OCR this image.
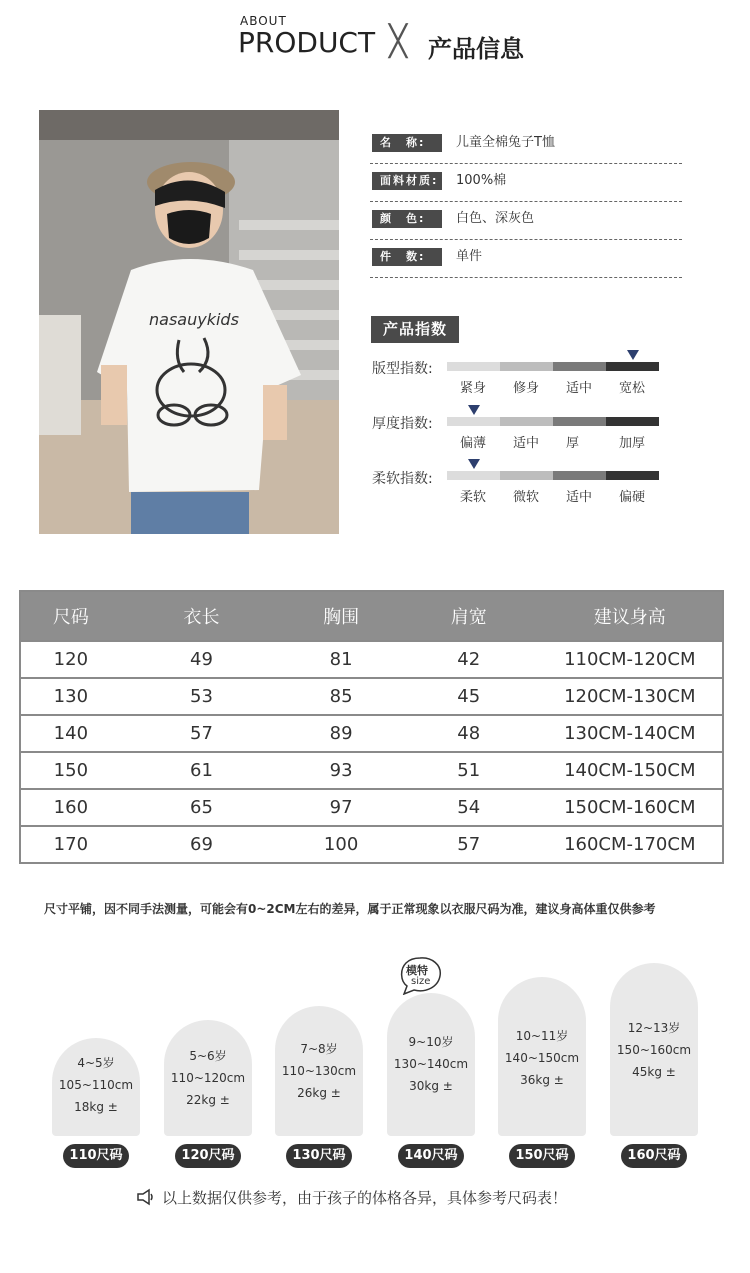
ABOUT
PRODUCT ╳ 产品信息
nasauykids
名　称:	儿童全棉兔子T恤
面料材质: 100%棉
颜　色:	白色、深灰色
件　数:	单件
产品指数
版型指数:
紧身	修身	适中	宽松
厚度指数:
偏薄	适中	厚	加厚
柔软指数:
柔软	微软	适中	偏硬
尺码	衣长	胸围	肩宽	建议身高
120	49	81	42	110CM-120CM
130	53	85	45	120CM-130CM
140	57	89	48	130CM-140CM
150	61	93	51	140CM-150CM
160	65	97	54	150CM-160CM
170	69	100	57	160CM-170CM
尺寸平铺，因不同手法测量，可能会有0~2CM左右的差异，属于正常现象以衣服尺码为准，建议身高体重仅供参考
模特
size
4~5岁
105~110cm
18kg ±
5~6岁
110~120cm
22kg ±
7~8岁
110~130cm
26kg ±
9~10岁
130~140cm
30kg ±
10~11岁
140~150cm
36kg ±
12~13岁
150~160cm
45kg ±
110尺码	120尺码	130尺码	140尺码	150尺码	160尺码
以上数据仅供参考，由于孩子的体格各异，具体参考尺码表！
